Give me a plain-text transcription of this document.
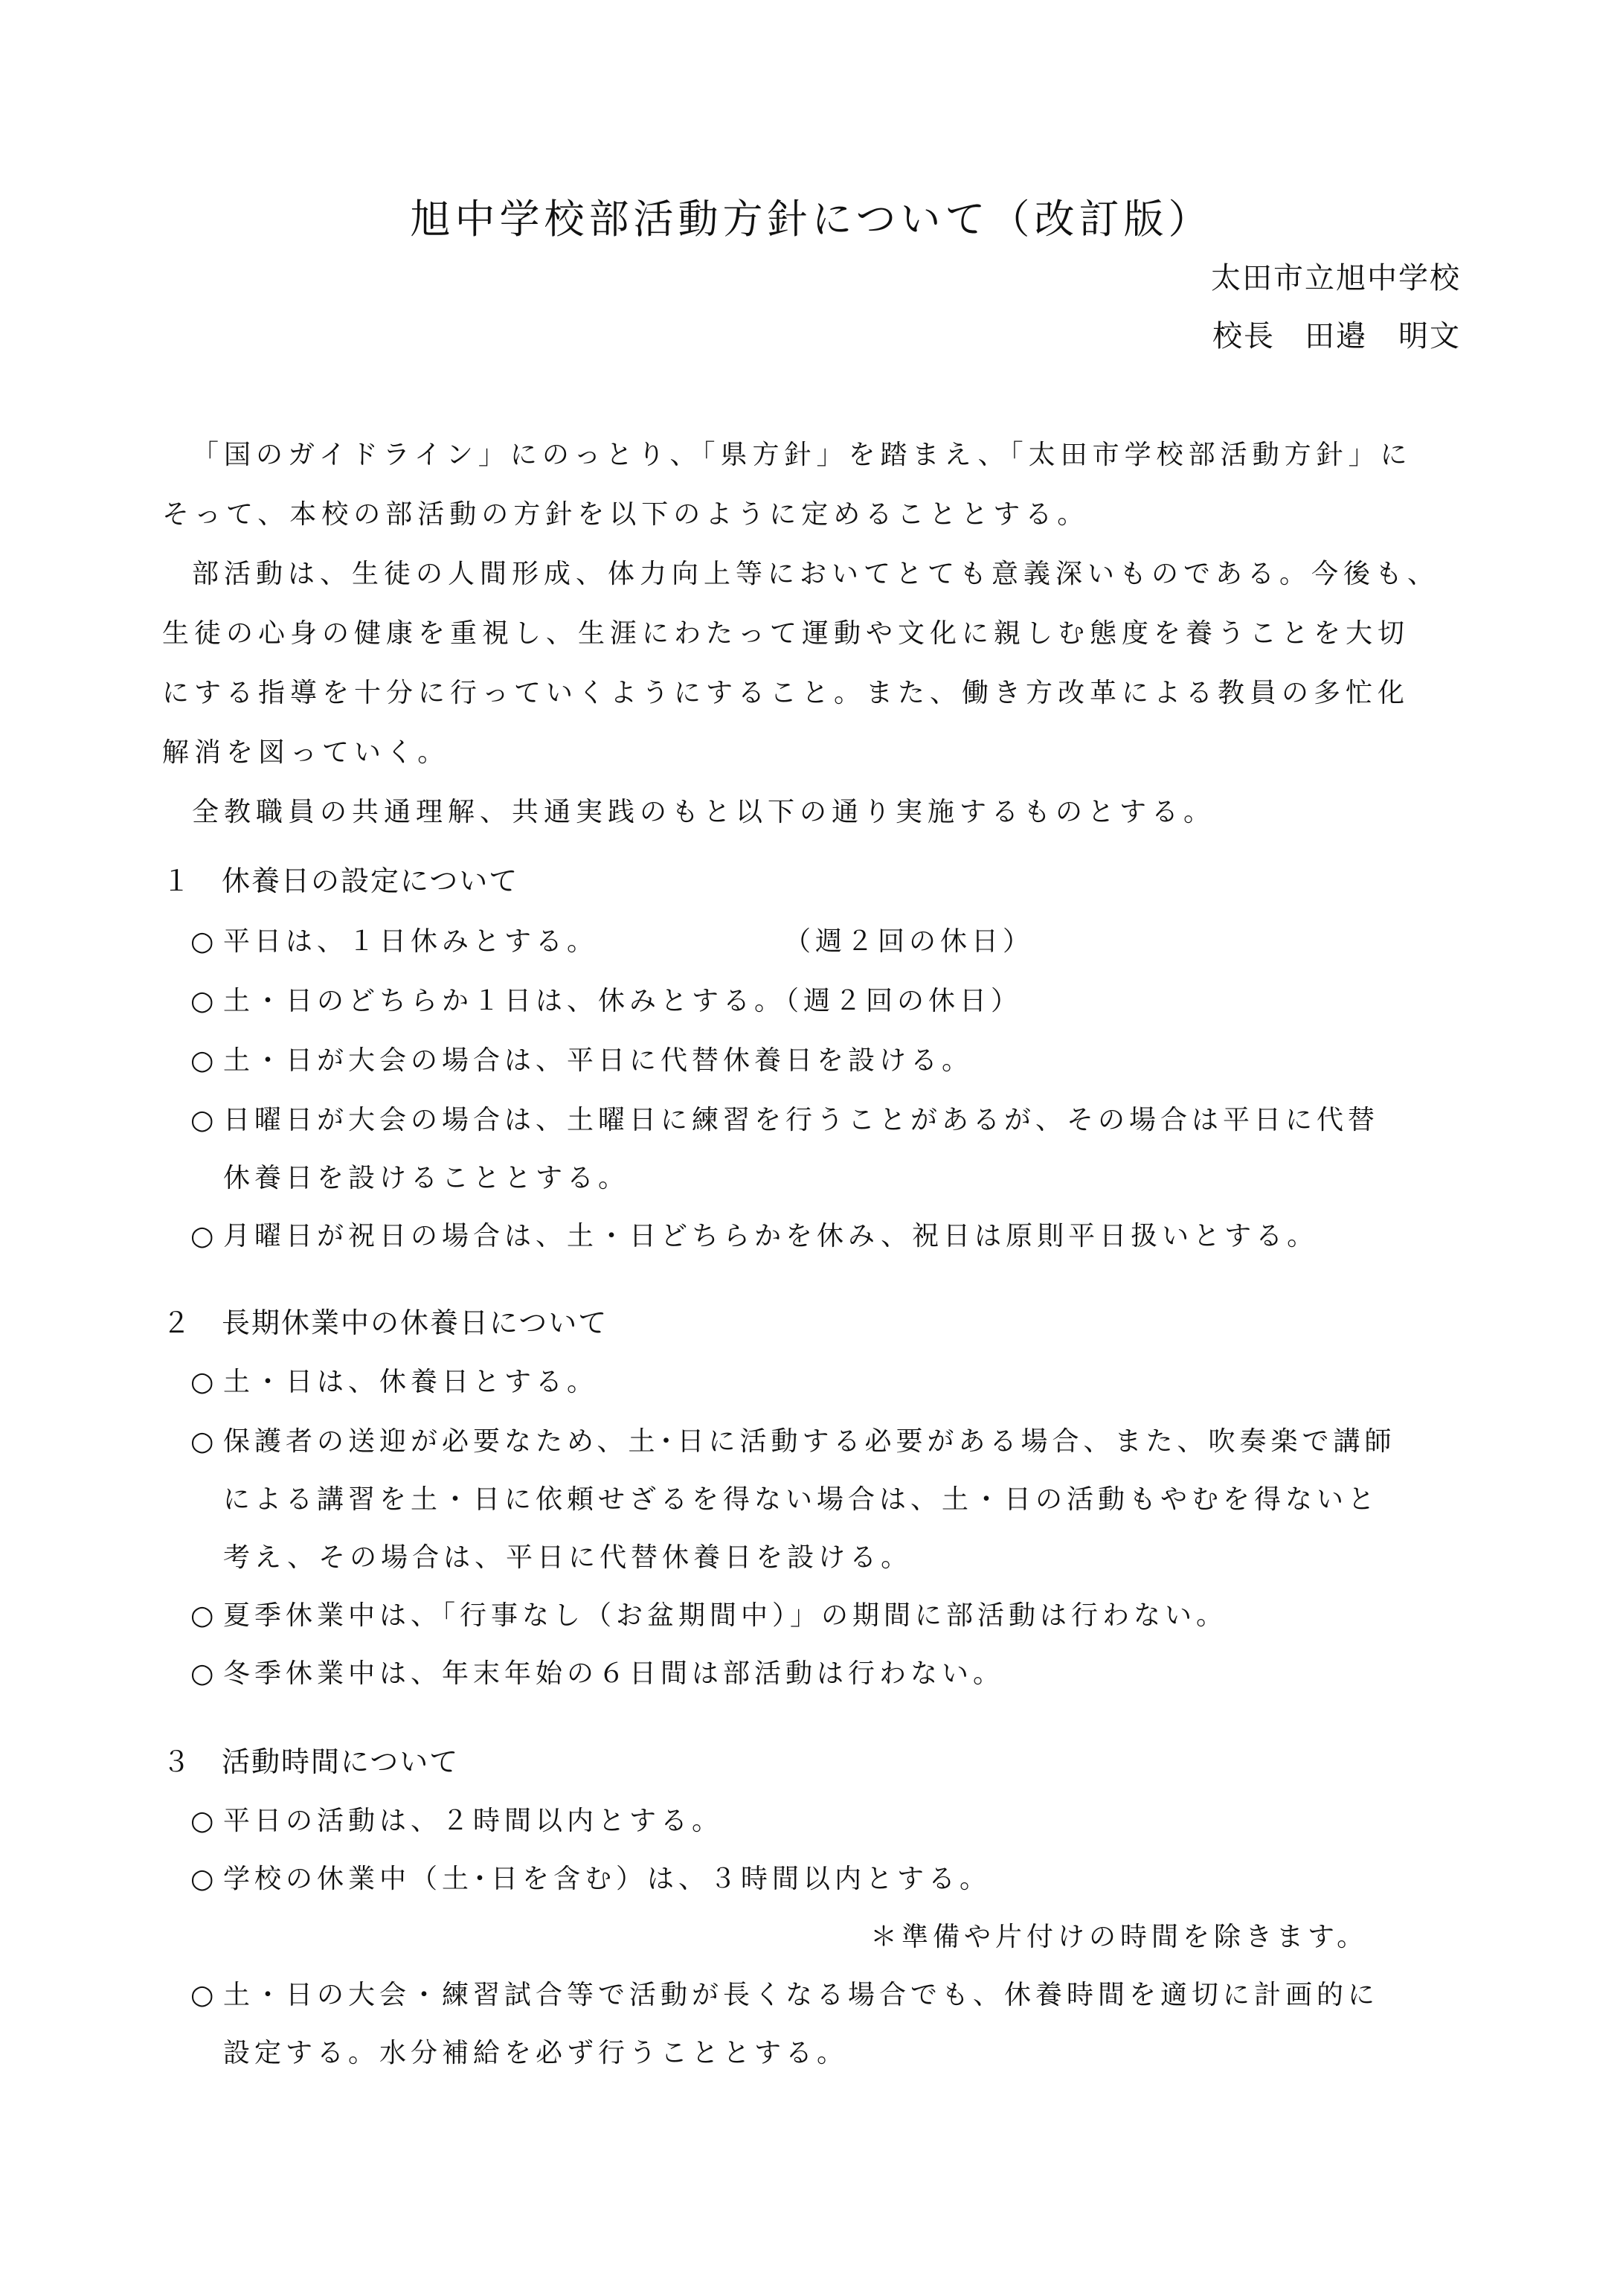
旭中学校部活動方針について（改訂版）
太田市立旭中学校
校長 田邉　明文
「国のガイドライン」にのっとり、「県方針」を踏まえ、「太田市学校部活動方針」に
そって、本校の部活動の方針を以下のように定めることとする。
部活動は、生徒の人間形成、体力向上等においてとても意義深いものである。今後も、
生徒の心身の健康を重視し、生涯にわたって運動や文化に親しむ態度を養うことを大切
にする指導を十分に行っていくようにすること。また、働き方改革による教員の多忙化
解消を図っていく。
全教職員の共通理解、共通実践のもと以下の通り実施するものとする。
１ 休養日の設定について
○ 平日は、１日休みとする。	（週２回の休日）
○ 土・日のどちらか１日は、休みとする。（週２回の休日）
○ 土・日が大会の場合は、平日に代替休養日を設ける。
○ 日曜日が大会の場合は、土曜日に練習を行うことがあるが、その場合は平日に代替
休養日を設けることとする。
○ 月曜日が祝日の場合は、土・日どちらかを休み、祝日は原則平日扱いとする。
２ 長期休業中の休養日について
○ 土・日は、休養日とする。
○ 保護者の送迎が必要なため、土･日に活動する必要がある場合、また、吹奏楽で講師
による講習を土・日に依頼せざるを得ない場合は、土・日の活動もやむを得ないと
考え、その場合は、平日に代替休養日を設ける。
○ 夏季休業中は、「行事なし（お盆期間中）」の期間に部活動は行わない。
○ 冬季休業中は、年末年始の６日間は部活動は行わない。
３ 活動時間について
○ 平日の活動は、２時間以内とする。
○ 学校の休業中（土･日を含む）は、３時間以内とする。
＊準備や片付けの時間を除きます。
○ 土・日の大会・練習試合等で活動が長くなる場合でも、休養時間を適切に計画的に
設定する。水分補給を必ず行うこととする。
